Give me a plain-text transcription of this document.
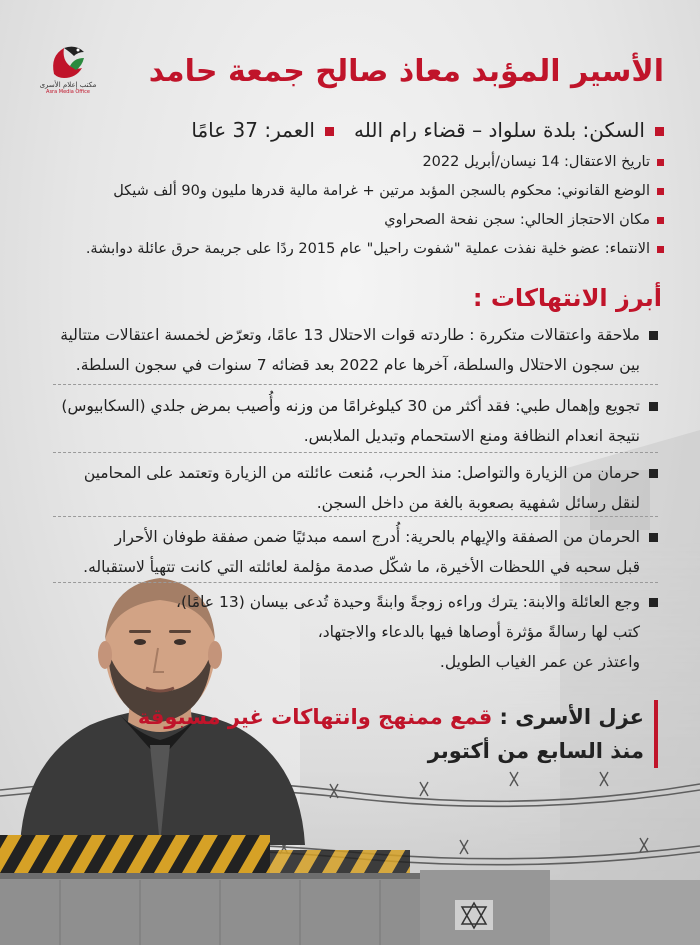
مكتب إعلام الأسرى
Asra Media Office
الأسير المؤبد معاذ صالح جمعة حامد
السكن: بلدة سلواد – قضاء رام الله
العمر: 37 عامًا
تاريخ الاعتقال: 14 نيسان/أبريل 2022
الوضع القانوني: محكوم بالسجن المؤبد مرتين + غرامة مالية قدرها مليون و90 ألف شيكل
مكان الاحتجاز الحالي: سجن نفحة الصحراوي
الانتماء: عضو خلية نفذت عملية "شفوت راحيل" عام 2015 ردًا على جريمة حرق عائلة دوابشة.
أبرز الانتهاكات :
ملاحقة واعتقالات متكررة : طاردته قوات الاحتلال 13 عامًا، وتعرّض لخمسة اعتقالات متتالية
بين سجون الاحتلال والسلطة، آخرها عام 2022 بعد قضائه 7 سنوات في سجون السلطة.
تجويع وإهمال طبي: فقد أكثر من 30 كيلوغرامًا من وزنه وأُصيب بمرض جلدي (السكابيوس)
نتيجة انعدام النظافة ومنع الاستحمام وتبديل الملابس.
حرمان من الزيارة والتواصل: منذ الحرب، مُنعت عائلته من الزيارة وتعتمد على المحامين
لنقل رسائل شفهية بصعوبة بالغة من داخل السجن.
الحرمان من الصفقة والإيهام بالحرية: أُدرج اسمه مبدئيًا ضمن صفقة طوفان الأحرار
قبل سحبه في اللحظات الأخيرة، ما شكّل صدمة مؤلمة لعائلته التي كانت تتهيأ لاستقباله.
وجع العائلة والابنة: يترك وراءه زوجةً وابنةً وحيدة تُدعى بيسان (13 عامًا)،
كتب لها رسالةً مؤثرة أوصاها فيها بالدعاء والاجتهاد،
واعتذر عن عمر الغياب الطويل.
عزل الأسرى : قمع ممنهج وانتهاكات غير مسبوقة
منذ السابع من أكتوبر
